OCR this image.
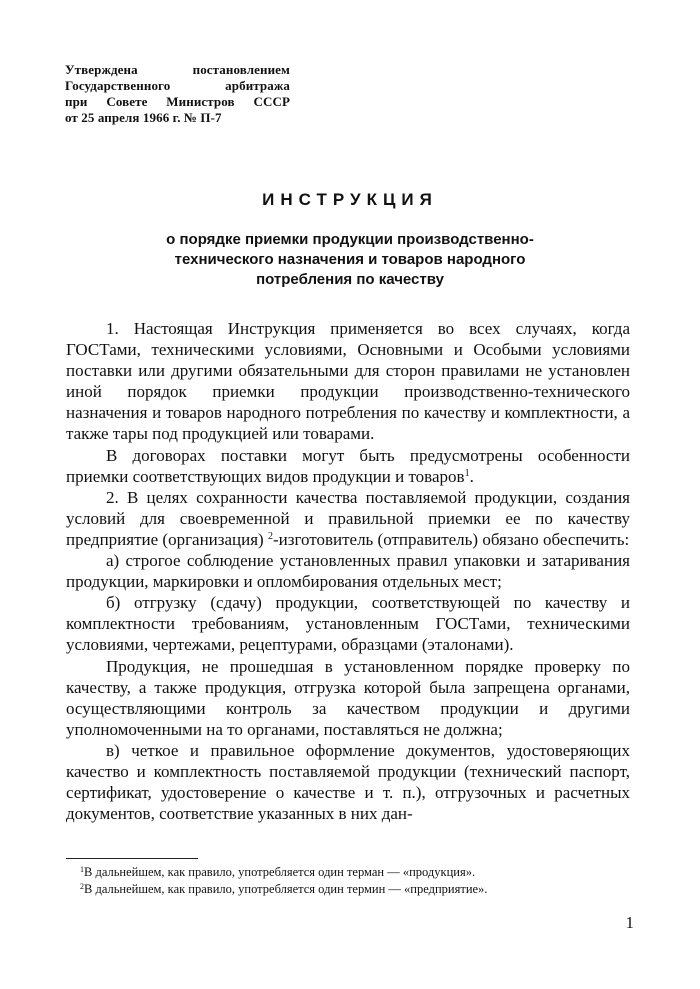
Утверждена постановлением
Государственного арбитража
при Совете Министров СССР
от 25 апреля 1966 г. № П-7
ИНСТРУКЦИЯ
о порядке приемки продукции производственно-технического назначения и товаров народного потребления по качеству

1. Настоящая Инструкция применяется во всех случаях, когда ГОСТами, техническими условиями, Основными и Особыми условиями поставки или другими обязательными для сторон правилами не установлен иной порядок приемки продукции производственно-технического назначения и товаров народного потребления по качеству и комплектности, а также тары под продукцией или товарами.

В договорах поставки могут быть предусмотрены особенности приемки соответствующих видов продукции и товаров$^1$.

2. В целях сохранности качества поставляемой продукции, создания условий для своевременной и правильной приемки ее по качеству предприятие (организация) $^2$-изготовитель (отправитель) обязано обеспечить:

а) строгое соблюдение установленных правил упаковки и затаривания продукции, маркировки и опломбирования отдельных мест;

б) отгрузку (сдачу) продукции, соответствующей по качеству и комплектности требованиям, установленным ГОСТами, техническими условиями, чертежами, рецептурами, образцами (эталонами).

Продукция, не прошедшая в установленном порядке проверку по качеству, а также продукция, отгрузка которой была запрещена органами, осуществляющими контроль за качеством продукции и другими уполномоченными на то органами, поставляться не должна;

в) четкое и правильное оформление документов, удостоверяющих качество и комплектность поставляемой продукции (технический паспорт, сертификат, удостоверение о качестве и т. п.), отгрузочных и расчетных документов, соответствие указанных в них дан-

$^1$В дальнейшем, как правило, употребляется один терман — «продукция».
$^2$В дальнейшем, как правило, употребляется один термин — «предприятие».
1
